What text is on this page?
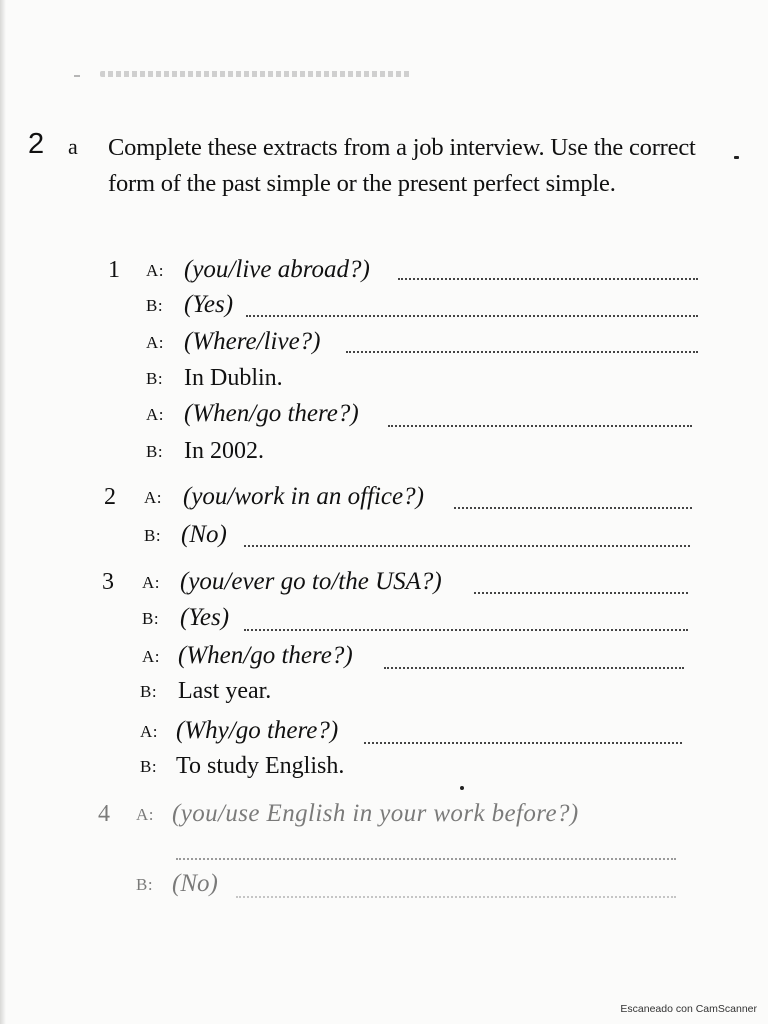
2 a Complete these extracts from a job interview. Use the correct form of the past simple or the present perfect simple.
1 A: (you/live abroad?)
B: (Yes)
A: (Where/live?)
B: In Dublin.
A: (When/go there?)
B: In 2002.
2 A: (you/work in an office?)
B: (No)
3 A: (you/ever go to/the USA?)
B: (Yes)
A: (When/go there?)
B: Last year.
A: (Why/go there?)
B: To study English.
4 A: (you/use English in your work before?)
B: (No)
Escaneado con CamScanner
